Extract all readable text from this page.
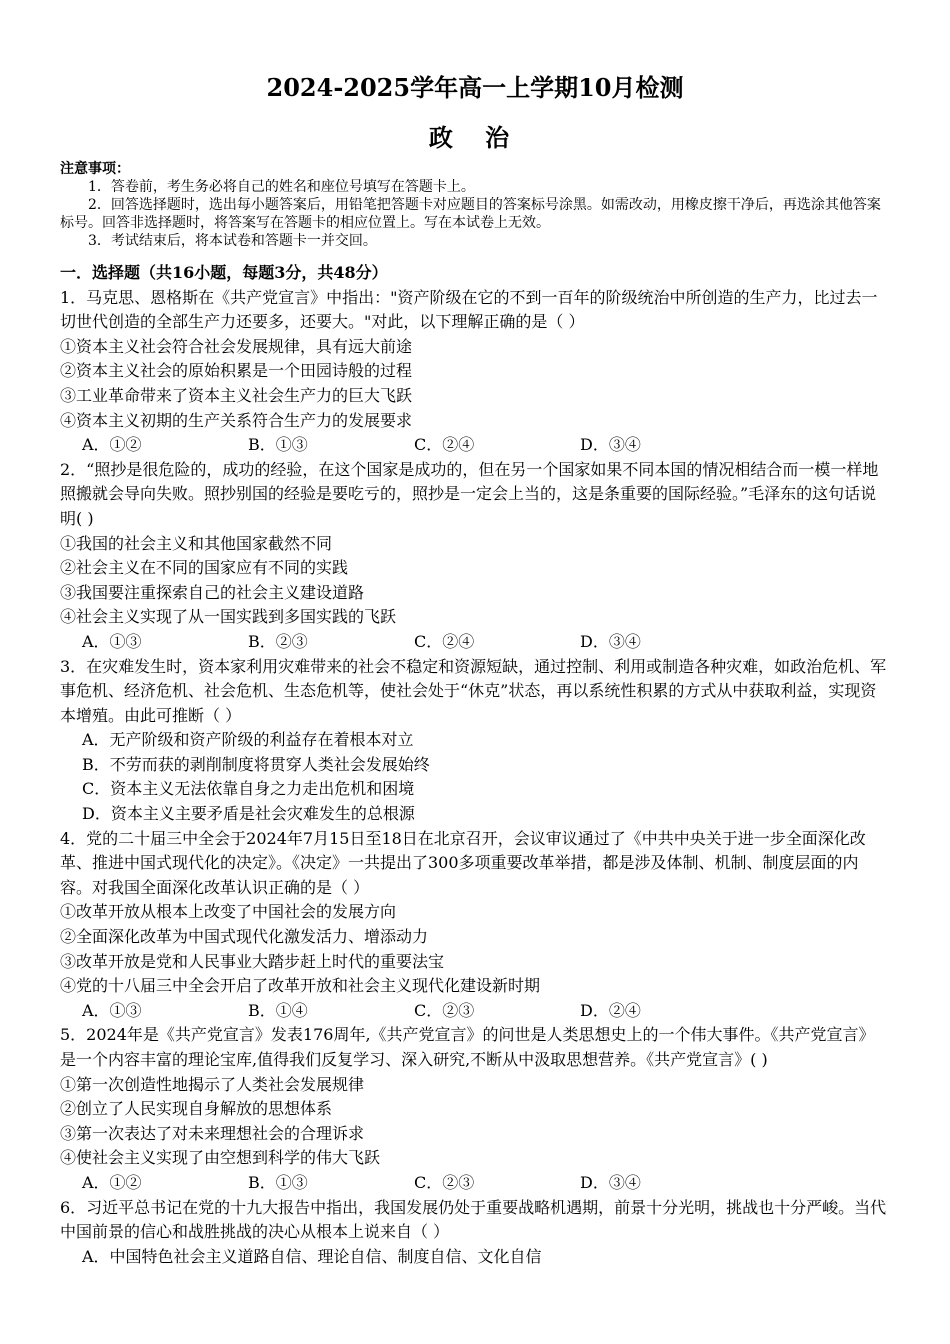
2024-2025学年高一上学期10月检测
政 治
注意事项：

1．答卷前，考生务必将自己的姓名和座位号填写在答题卡上。

2．回答选择题时，选出每小题答案后，用铅笔把答题卡对应题目的答案标号涂黑。如需改动，用橡皮擦干净后，再选涂其他答案标号。回答非选择题时，将答案写在答题卡的相应位置上。写在本试卷上无效。

3．考试结束后，将本试卷和答题卡一并交回。

一．选择题（共16小题，每题3分，共48分）

1．马克思、恩格斯在《共产党宣言》中指出："资产阶级在它的不到一百年的阶级统治中所创造的生产力，比过去一切世代创造的全部生产力还要多，还要大。"对此，以下理解正确的是（ ）

①资本主义社会符合社会发展规律，具有远大前途

②资本主义社会的原始积累是一个田园诗般的过程

③工业革命带来了资本主义社会生产力的巨大飞跃

④资本主义初期的生产关系符合生产力的发展要求

A．①②	B．①③	C．②④	D．③④

2．“照抄是很危险的，成功的经验，在这个国家是成功的，但在另一个国家如果不同本国的情况相结合而一模一样地照搬就会导向失败。照抄别国的经验是要吃亏的，照抄是一定会上当的，这是条重要的国际经验。”毛泽东的这句话说明( )

①我国的社会主义和其他国家截然不同

②社会主义在不同的国家应有不同的实践

③我国要注重探索自己的社会主义建设道路

④社会主义实现了从一国实践到多国实践的飞跃

A．①③	B．②③	C．②④	D．③④

3．在灾难发生时，资本家利用灾难带来的社会不稳定和资源短缺，通过控制、利用或制造各种灾难，如政治危机、军事危机、经济危机、社会危机、生态危机等，使社会处于“休克”状态，再以系统性积累的方式从中获取利益，实现资本增殖。由此可推断（ ）

A．无产阶级和资产阶级的利益存在着根本对立

B．不劳而获的剥削制度将贯穿人类社会发展始终

C．资本主义无法依靠自身之力走出危机和困境

D．资本主义主要矛盾是社会灾难发生的总根源

4．党的二十届三中全会于2024年7月15日至18日在北京召开，会议审议通过了《中共中央关于进一步全面深化改革、推进中国式现代化的决定》。《决定》一共提出了300多项重要改革举措，都是涉及体制、机制、制度层面的内容。对我国全面深化改革认识正确的是（ ）

①改革开放从根本上改变了中国社会的发展方向

②全面深化改革为中国式现代化激发活力、增添动力

③改革开放是党和人民事业大踏步赶上时代的重要法宝

④党的十八届三中全会开启了改革开放和社会主义现代化建设新时期

A．①③	B．①④	C．②③	D．②④

5．2024年是《共产党宣言》发表176周年,《共产党宣言》的问世是人类思想史上的一个伟大事件。《共产党宣言》是一个内容丰富的理论宝库,值得我们反复学习、深入研究,不断从中汲取思想营养。《共产党宣言》( )

①第一次创造性地揭示了人类社会发展规律

②创立了人民实现自身解放的思想体系

③第一次表达了对未来理想社会的合理诉求

④使社会主义实现了由空想到科学的伟大飞跃

A．①②	B．①③	C．②③	D．③④

6．习近平总书记在党的十九大报告中指出，我国发展仍处于重要战略机遇期，前景十分光明，挑战也十分严峻。当代中国前景的信心和战胜挑战的决心从根本上说来自（ ）

A．中国特色社会主义道路自信、理论自信、制度自信、文化自信
